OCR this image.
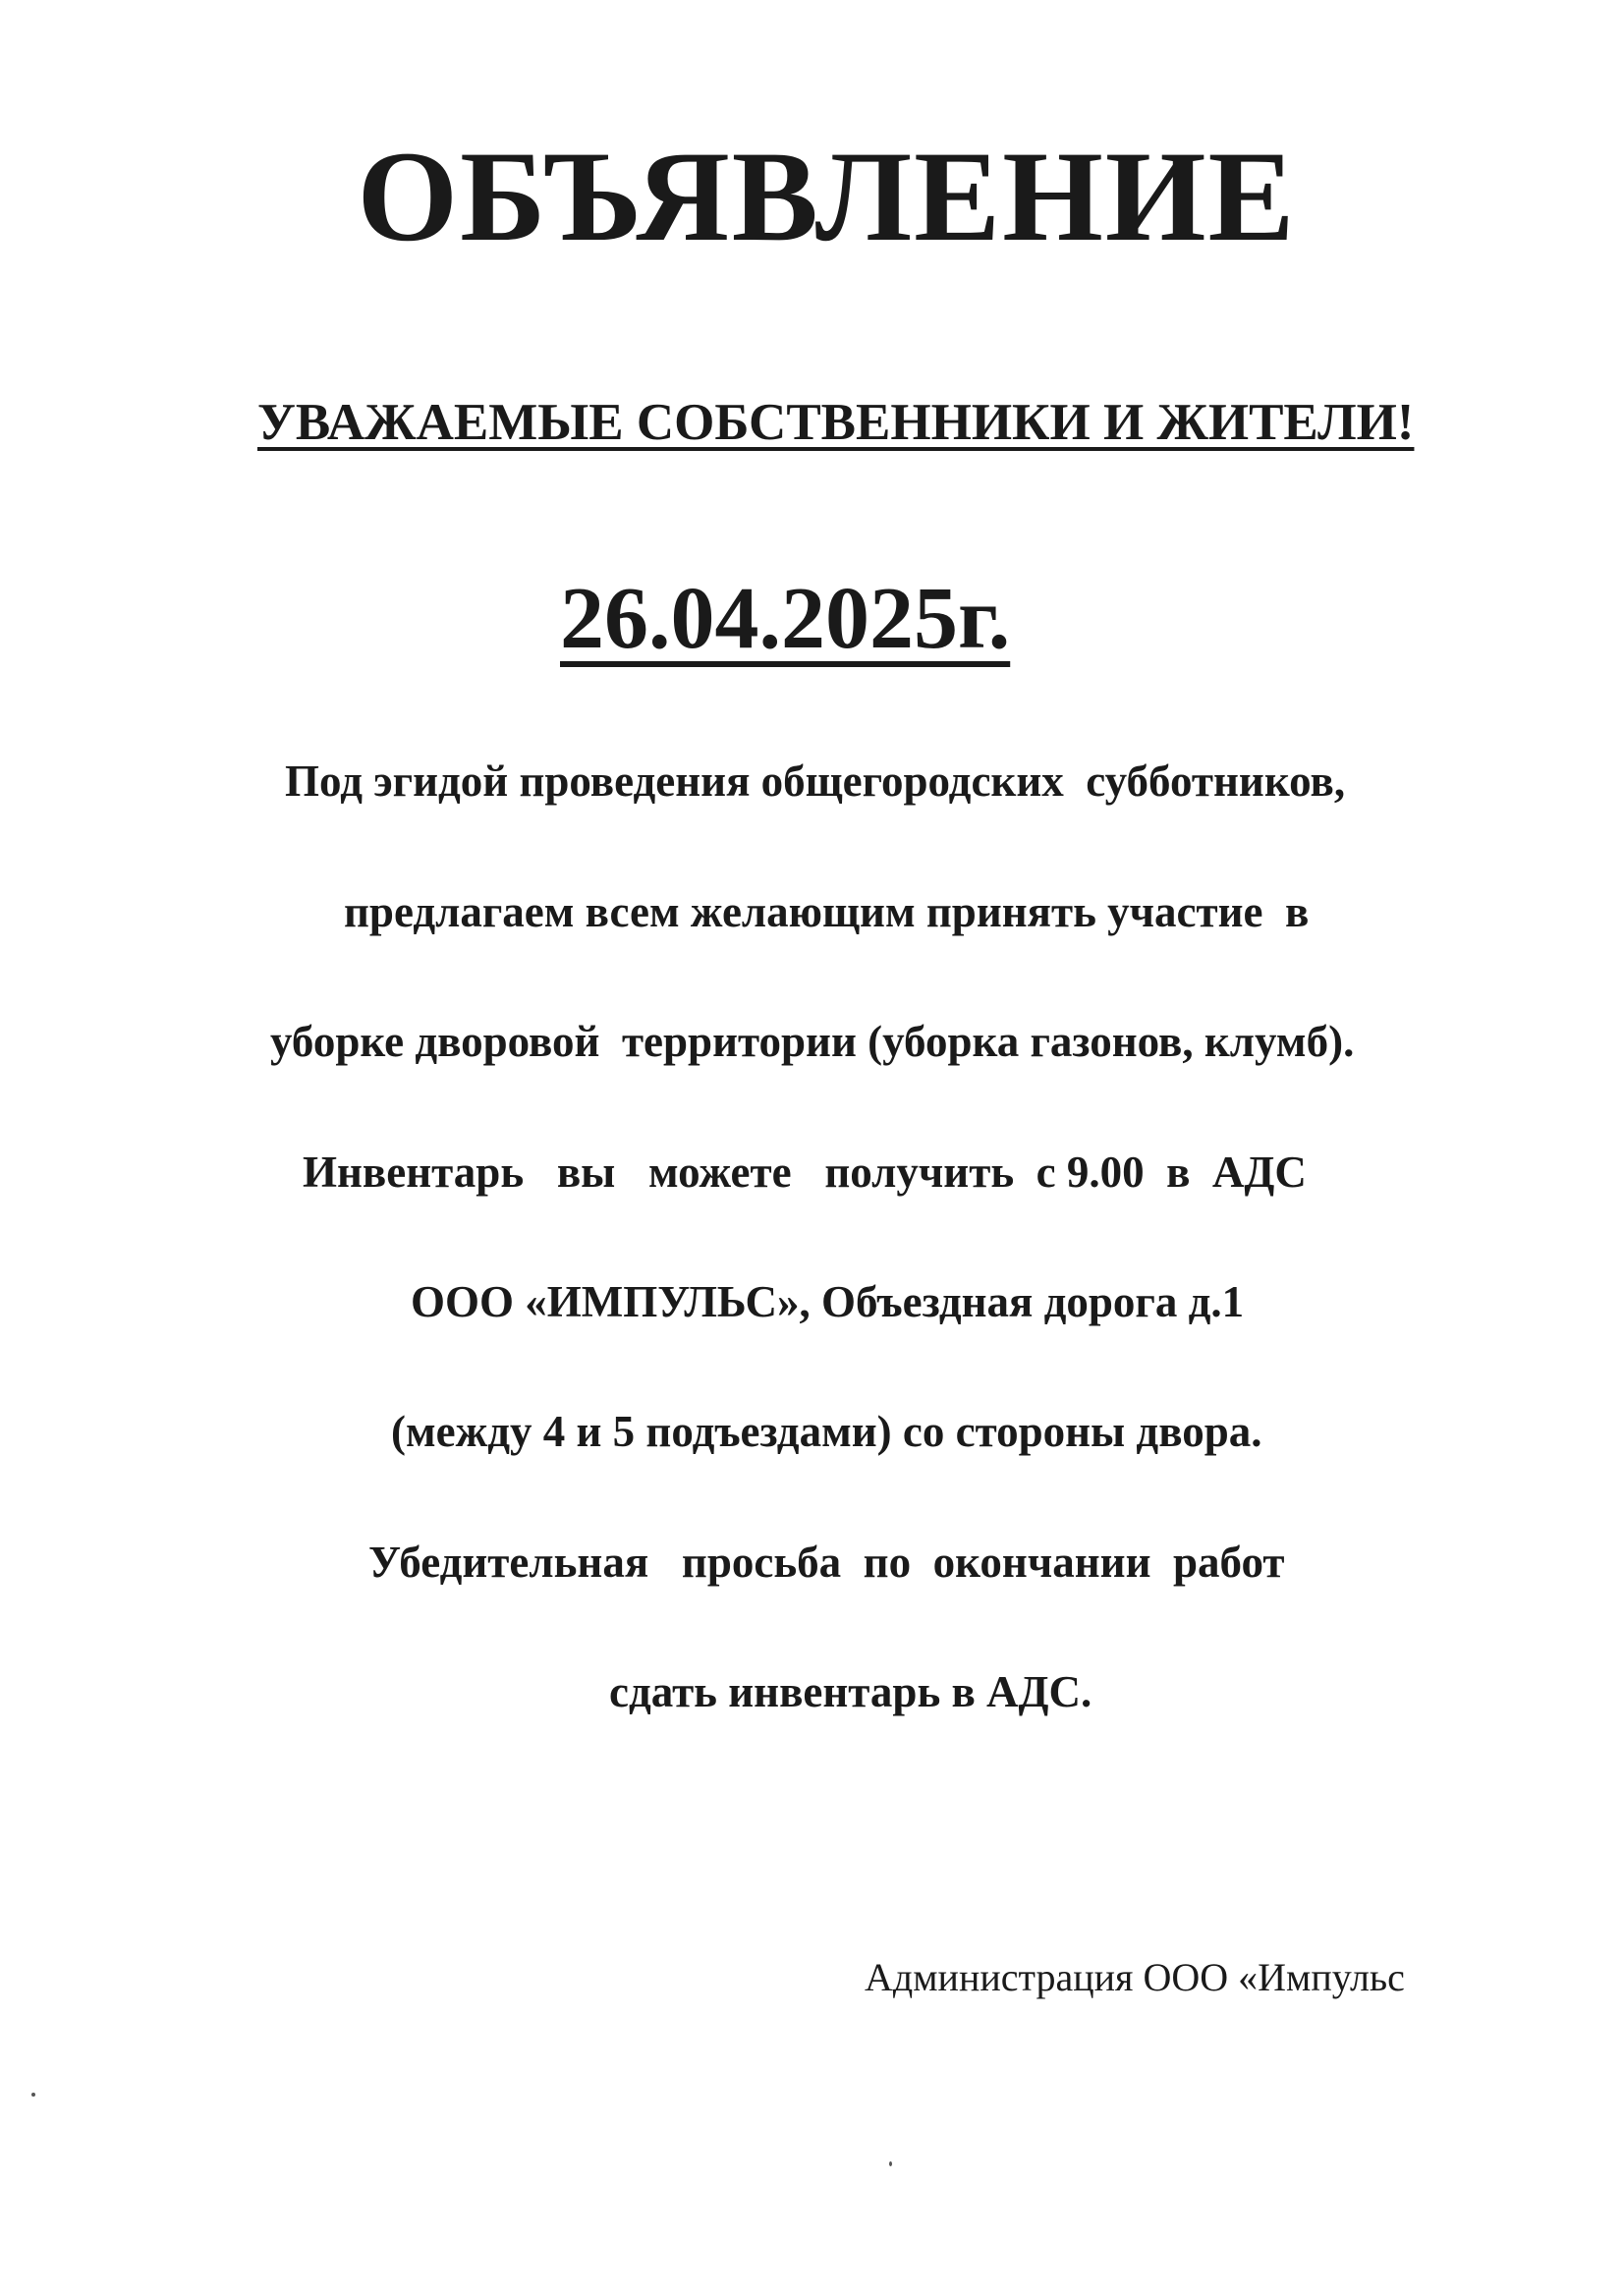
ОБЪЯВЛЕНИЕ
УВАЖАЕМЫЕ СОБСТВЕННИКИ И ЖИТЕЛИ!
26.04.2025г.
Под эгидой проведения общегородских  субботников,
предлагаем всем желающим принять участие  в
уборке дворовой  территории (уборка газонов, клумб).
Инвентарь   вы   можете   получить  с 9.00  в  АДС
ООО «ИМПУЛЬС», Объездная дорога д.1
(между 4 и 5 подъездами) со стороны двора.
Убедительная   просьба  по  окончании  работ
сдать инвентарь в АДС.
Администрация ООО «Импульс
